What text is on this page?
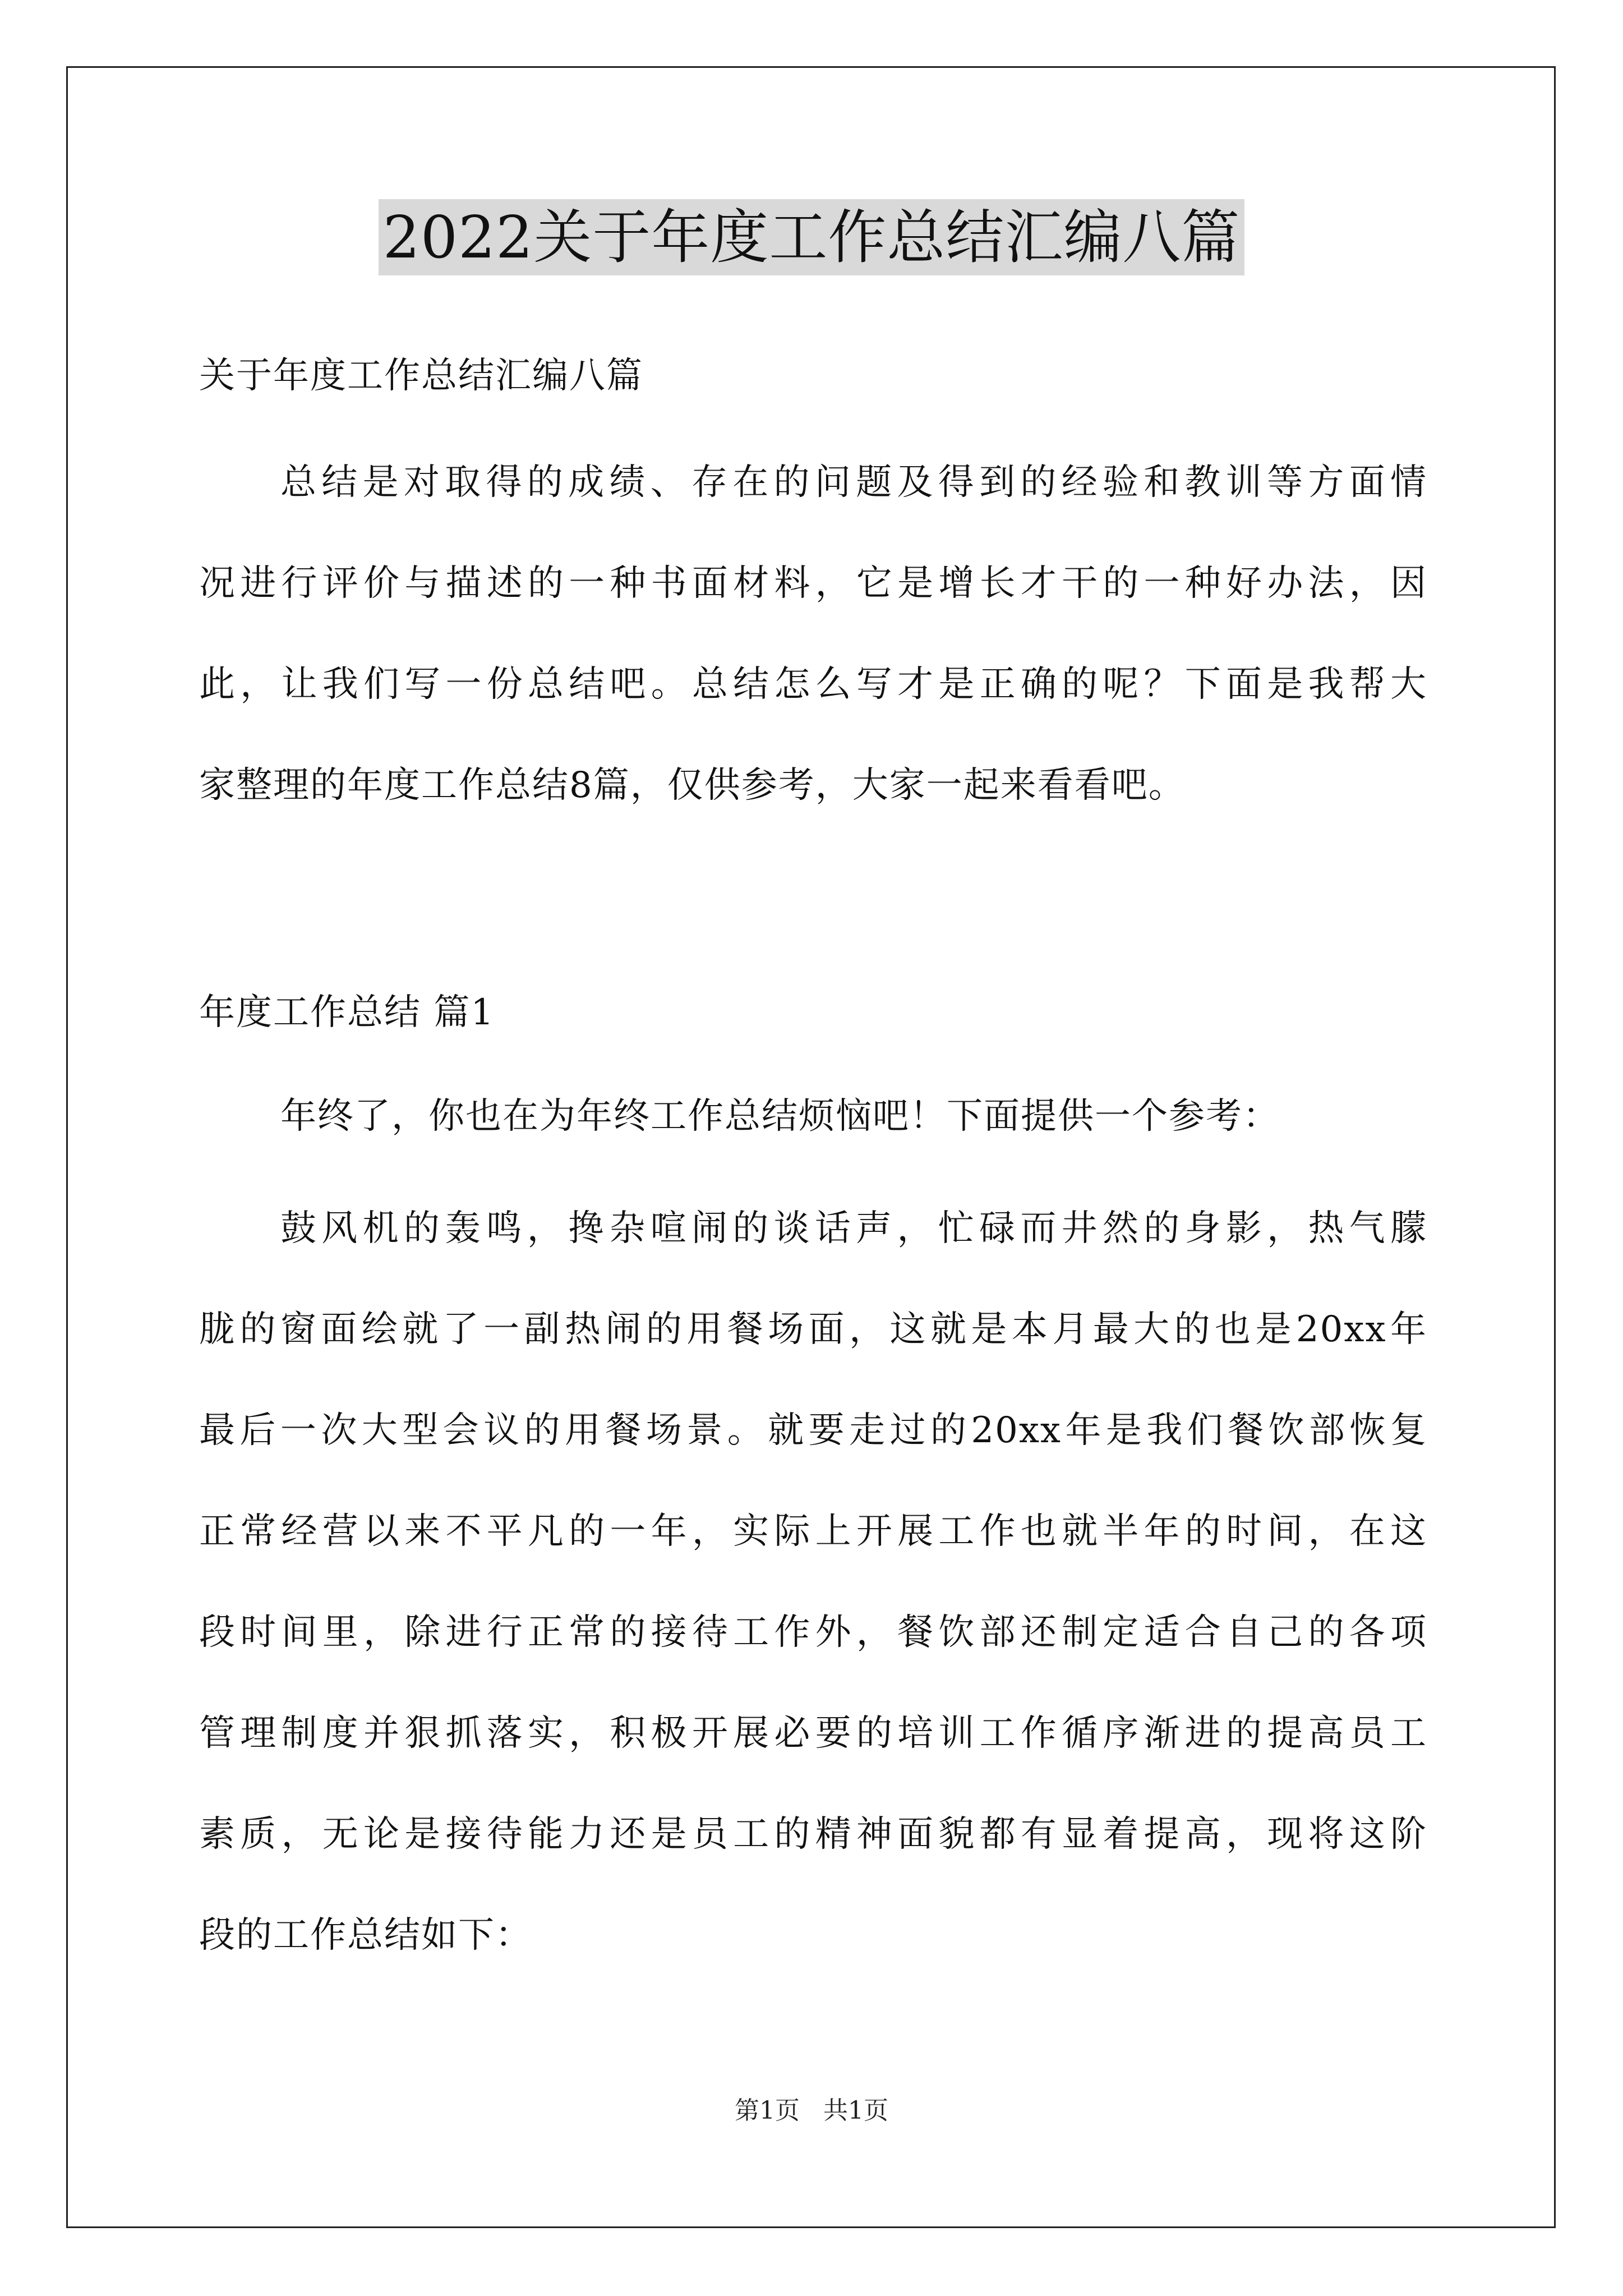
2022关于年度工作总结汇编八篇
关于年度工作总结汇编八篇
总结是对取得的成绩、存在的问题及得到的经验和教训等方面情
况进行评价与描述的一种书面材料，它是增长才干的一种好办法，因
此，让我们写一份总结吧。总结怎么写才是正确的呢？下面是我帮大
家整理的年度工作总结8篇，仅供参考，大家一起来看看吧。
年度工作总结 篇1
年终了，你也在为年终工作总结烦恼吧！下面提供一个参考：
鼓风机的轰鸣，搀杂喧闹的谈话声，忙碌而井然的身影，热气朦
胧的窗面绘就了一副热闹的用餐场面，这就是本月最大的也是20xx年
最后一次大型会议的用餐场景。就要走过的20xx年是我们餐饮部恢复
正常经营以来不平凡的一年，实际上开展工作也就半年的时间，在这
段时间里，除进行正常的接待工作外，餐饮部还制定适合自己的各项
管理制度并狠抓落实，积极开展必要的培训工作循序渐进的提高员工
素质，无论是接待能力还是员工的精神面貌都有显着提高，现将这阶
段的工作总结如下：
第1页   共1页
